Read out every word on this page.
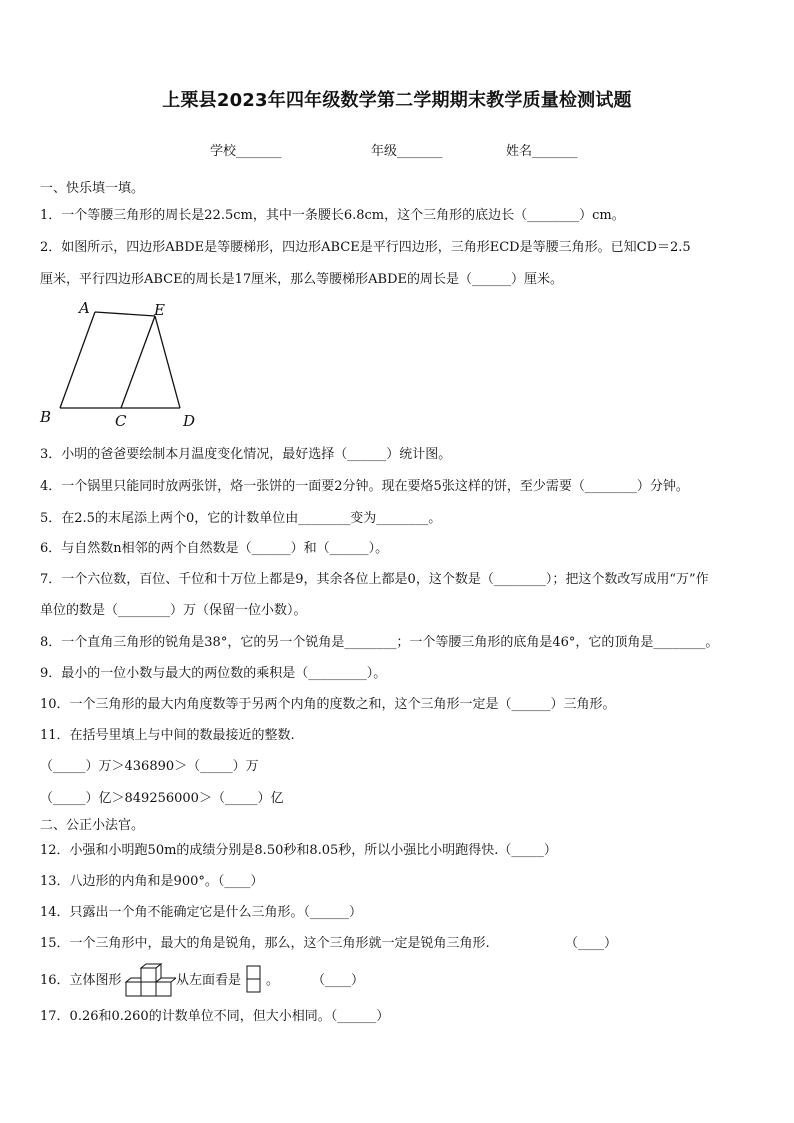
上栗县2023年四年级数学第二学期期末教学质量检测试题
学校_______	年级_______	姓名_______
一、快乐填一填。
1．一个等腰三角形的周长是22.5cm，其中一条腰长6.8cm，这个三角形的底边长（________）cm。
2．如图所示，四边形ABDE是等腰梯形，四边形ABCE是平行四边形，三角形ECD是等腰三角形。已知CD＝2.5
厘米，平行四边形ABCE的周长是17厘米，那么等腰梯形ABDE的周长是（______）厘米。
A	E
B	C	D
3．小明的爸爸要绘制本月温度变化情况，最好选择（______）统计图。
4．一个锅里只能同时放两张饼，烙一张饼的一面要2分钟。现在要烙5张这样的饼，至少需要（________）分钟。
5．在2.5的末尾添上两个0，它的计数单位由________变为________。
6．与自然数n相邻的两个自然数是（______）和（______）。
7．一个六位数，百位、千位和十万位上都是9，其余各位上都是0，这个数是（________）；把这个数改写成用“万”作
单位的数是（________）万（保留一位小数）。
8．一个直角三角形的锐角是38°，它的另一个锐角是________；一个等腰三角形的底角是46°，它的顶角是________。
9．最小的一位小数与最大的两位数的乘积是（_________）。
10．一个三角形的最大内角度数等于另两个内角的度数之和，这个三角形一定是（______）三角形。
11．在括号里填上与中间的数最接近的整数.
（_____）万＞436890＞（_____）万
（_____）亿＞849256000＞（_____）亿
二、公正小法官。
12．小强和小明跑50m的成绩分别是8.50秒和8.05秒，所以小强比小明跑得快.（_____）
13．八边形的内角和是900°。（____）
14．只露出一个角不能确定它是什么三角形。（______）
15．一个三角形中，最大的角是锐角，那么，这个三角形就一定是锐角三角形.	（____）
16．立体图形	从左面看是 。	（____）
17．0.26和0.260的计数单位不同，但大小相同。（______）
